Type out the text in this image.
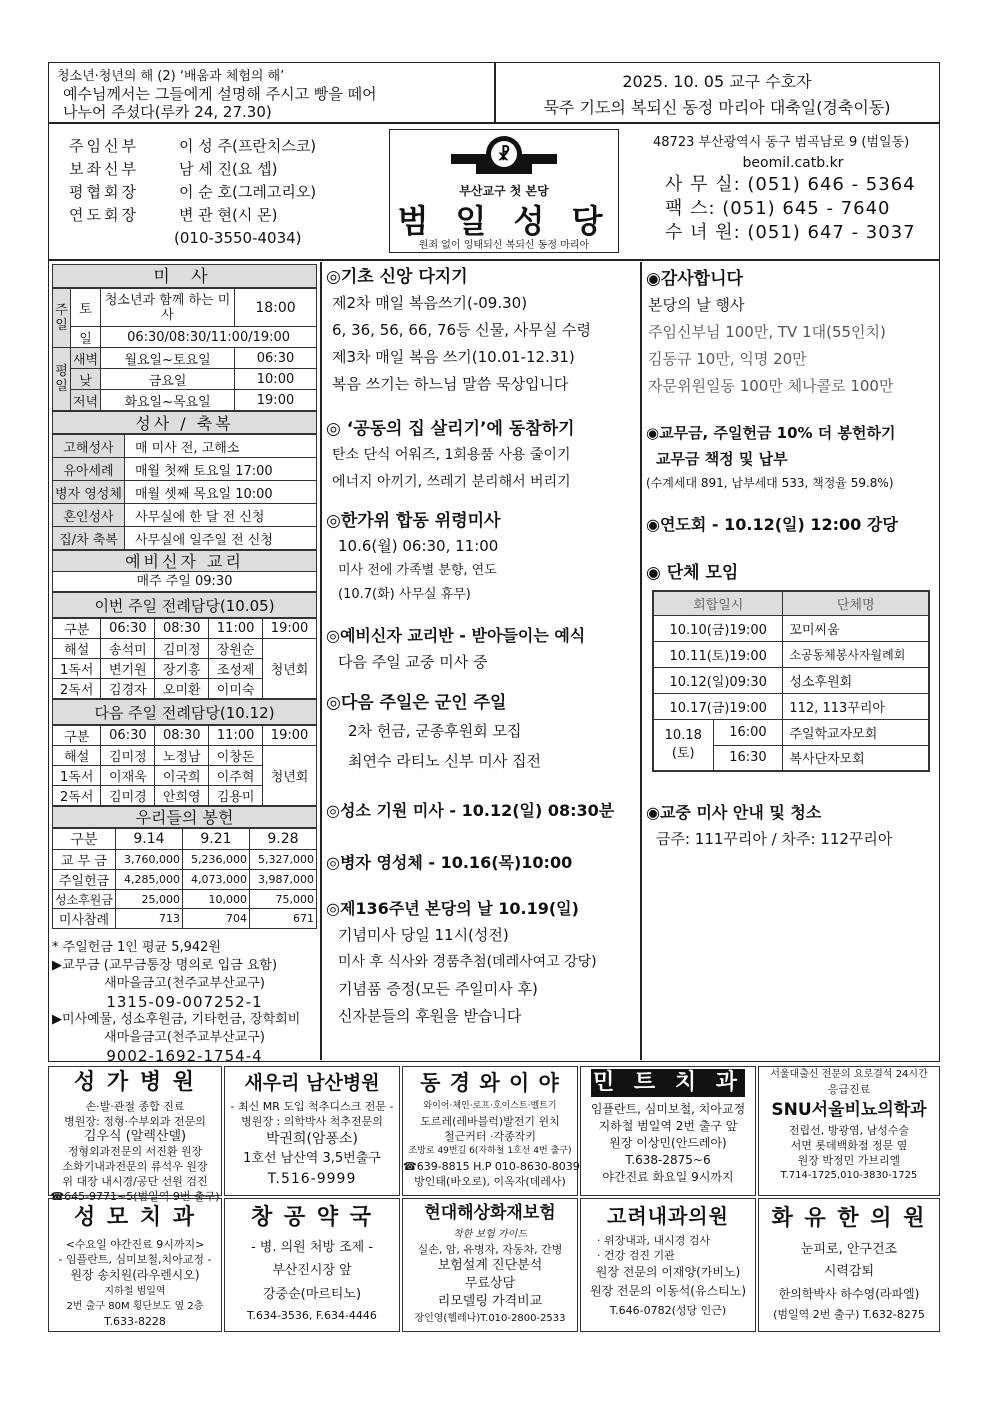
청소년·청년의 해 (2) ‘배움과 체험의 해’
예수님께서는 그들에게 설명해 주시고 빵을 떼어
나누어 주셨다(루카 24, 27.30)
2025. 10. 05 교구 수호자
묵주 기도의 복되신 동정 마리아 대축일(경축이동)
주임신부	이 성 주(프란치스코)
보좌신부	남 세 진(요 셉)
평협회장	이 순 호(그레고리오)
연도회장	변 관 현(시 몬)
(010-3550-4034)
☧
부산교구 첫 본당
범 일 성 당
원죄 없이 잉태되신 복되신 동정 마리아
48723 부산광역시 동구 범곡남로 9 (범일동)
beomil.catb.kr
사 무 실: (051) 646 - 5364
팩 스: (051) 645 - 7640
수 녀 원: (051) 647 - 3037
미 사
주일	토	청소년과 함께 하는 미사	18:00
	일	06:30/08:30/11:00/19:00	
평일	새벽	월요일~토요일	06:30
	낮	금요일	10:00
	저녁	화요일~목요일	19:00
성사 / 축복
고해성사	매 미사 전, 고해소
유아세례	매월 첫째 토요일 17:00
병자 영성체	매월 셋째 목요일 10:00
혼인성사	사무실에 한 달 전 신청
집/차 축복	사무실에 일주일 전 신청
예비신자 교리
매주 주일 09:30
이번 주일 전례담당(10.05)
구분	06:30	08:30	11:00	19:00
해설	송석미	김미정	장원순	청년회
1독서	변기원	장기흥	조성제	
2독서	김경자	오미환	이미숙	
다음 주일 전례담당(10.12)
구분	06:30	08:30	11:00	19:00
해설	김미정	노정남	이창돈	청년회
1독서	이재욱	이국희	이주혁	
2독서	김미경	안희영	김용미	
우리들의 봉헌
구분	9.14	9.21	9.28
교 무 금	3,760,000	5,236,000	5,327,000
주일헌금	4,285,000	4,073,000	3,987,000
성소후원금	25,000	10,000	75,000
미사참례	713	704	671
* 주일헌금 1인 평균 5,942원
▶교무금 (교무금통장 명의로 입금 요함)
새마을금고(천주교부산교구)
1315-09-007252-1
▶미사예물, 성소후원금, 기타헌금, 장학회비
새마을금고(천주교부산교구)
9002-1692-1754-4
◎기초 신앙 다지기
제2차 매일 복음쓰기(-09.30)
6, 36, 56, 66, 76등 신물, 사무실 수령
제3차 매일 복음 쓰기(10.01-12.31)
복음 쓰기는 하느님 말씀 묵상입니다
◎ ‘공동의 집 살리기’에 동참하기
탄소 단식 어워즈, 1회용품 사용 줄이기
에너지 아끼기, 쓰레기 분리해서 버리기
◎한가위 합동 위령미사
10.6(월) 06:30, 11:00
미사 전에 가족별 분향, 연도
(10.7(화) 사무실 휴무)
◎예비신자 교리반 - 받아들이는 예식
다음 주일 교중 미사 중
◎다음 주일은 군인 주일
2차 헌금, 군종후원회 모집
최연수 라티노 신부 미사 집전
◎성소 기원 미사 - 10.12(일) 08:30분
◎병자 영성체 - 10.16(목)10:00
◎제136주년 본당의 날 10.19(일)
기념미사 당일 11시(성전)
미사 후 식사와 경품추첨(데레사여고 강당)
기념품 증정(모든 주일미사 후)
신자분들의 후원을 받습니다
◉감사합니다
본당의 날 행사
주임신부님 100만, TV 1대(55인치)
김동규 10만, 익명 20만
자문위원일동 100만 체나콜로 100만
◉교무금, 주일헌금 10% 더 봉헌하기
교무금 책정 및 납부
(수계세대 891, 납부세대 533, 책정율 59.8%)
◉연도회 - 10.12(일) 12:00 강당
◉ 단체 모임
회합일시		단체명
10.10(금)19:00		꼬미씨움
10.11(토)19:00		소공동체봉사자월례회
10.12(일)09:30		성소후원회
10.17(금)19:00		112, 113꾸리아
10.18 (토)	16:00	주일학교자모회
	16:30	복사단자모회
◉교중 미사 안내 및 청소
금주: 111꾸리아 / 차주: 112꾸리아
성 가 병 원
손·발·관절 종합 진료
병원장: 정형·수부외과 전문의
김우식 (알렉산델)
정형외과전문의 서진환 원장
소화기내과전문의 류석우 원장
위 대장 내시경/공단 선원 검진
☎645-9771~5(범일역 9번 출구)
새우리 남산병원
- 최신 MR 도입 척추디스크 전문 -
병원장 : 의학박사 척추전문의
박권희(암퐁소)
1호선 남산역 3,5번출구
T.516-9999
동 경 와 이 야
와이어·체인·로프·호이스트·벨트기
도르레(레바블럭)발전기 윈치
철근커터 ·각종작키
조방로 49번길 6(자하철 1호선 4번 출구)
☎639-8815 H.P 010-8630-8039
방인태(바오로), 이옥자(데레사)
민 트 치 과
임플란트, 심미보철, 치아교정
지하철 범일역 2번 출구 앞
원장 이상민(안드레아)
T.638-2875~6
야간진료 화요일 9시까지
서울대출신 전문의 요로결석 24시간
응급진료
SNU서울비뇨의학과
전립선, 방광염, 남성수술
서면 롯데백화점 정문 옆
원장 박정민 가브리엘
T.714-1725,010-3830-1725
성 모 치 과
<수요일 야간진료 9시까지>
- 임플란트, 심미보철,치아교정 -
원장 송치원(라우렌시오)
지하철 범일역
2번 출구 80M 횡단보도 옆 2층
T.633-8228
창 공 약 국
- 병. 의원 처방 조제 -
부산진시장 앞
강중순(마르티노)
T.634-3536, F.634-4446
현대해상화재보험
착한 보험 가이드
실손, 암, 유병자, 자동차, 간병
보험설계 진단분석
무료상담
리모델링 가격비교
장인영(헬레나)T.010-2800-2533
고려내과의원
· 위장내과, 내시경 검사
· 건강 검진 기관
원장 전문의 이재양(가비노)
원장 전문의 이동석(유스티노)
T.646-0782(성당 인근)
화 유 한 의 원
눈피로, 안구건조
시력감퇴
한의학박사 하수영(라파엘)
(범일역 2번 출구) T.632-8275
